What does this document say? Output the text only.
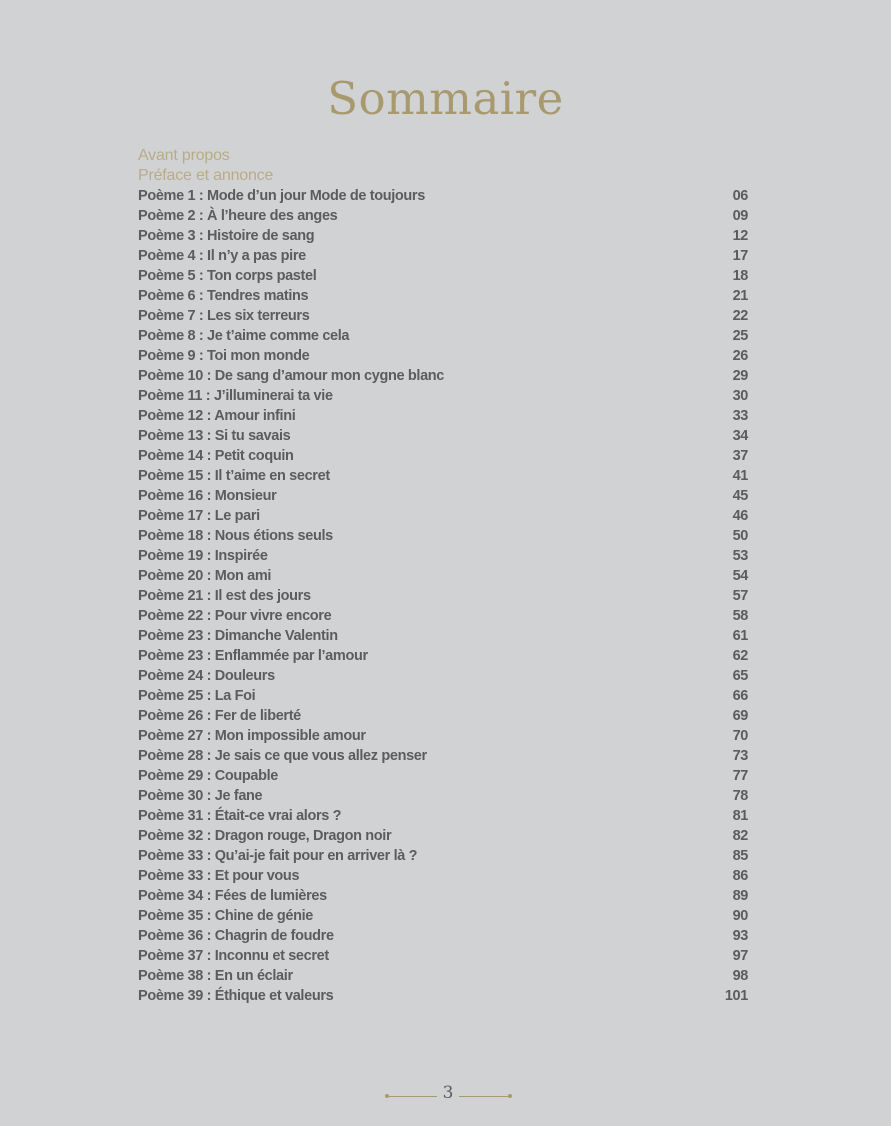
Sommaire
Avant propos
Préface et annonce
Poème 1 : Mode d’un jour Mode de toujours	06
Poème 2 : À l’heure des anges	09
Poème 3 : Histoire de sang	12
Poème 4 : Il n’y a pas pire	17
Poème 5 : Ton corps pastel	18
Poème 6 : Tendres matins	21
Poème 7 : Les six terreurs	22
Poème 8 : Je t’aime comme cela	25
Poème 9 : Toi mon monde	26
Poème 10 : De sang d’amour mon cygne blanc	29
Poème 11 : J’illuminerai ta vie	30
Poème 12 : Amour infini	33
Poème 13 : Si tu savais	34
Poème 14 : Petit coquin	37
Poème 15 : Il t’aime en secret	41
Poème 16 : Monsieur	45
Poème 17 : Le pari	46
Poème 18 : Nous étions seuls	50
Poème 19 : Inspirée	53
Poème 20 : Mon ami	54
Poème 21 : Il est des jours	57
Poème 22 : Pour vivre encore	58
Poème 23 : Dimanche Valentin	61
Poème 23 : Enflammée par l’amour	62
Poème 24 : Douleurs	65
Poème 25 : La Foi	66
Poème 26 : Fer de liberté	69
Poème 27 : Mon impossible amour	70
Poème 28 : Je sais ce que vous allez penser	73
Poème 29 : Coupable	77
Poème 30 : Je fane	78
Poème 31 : Était-ce vrai alors ?	81
Poème 32 : Dragon rouge, Dragon noir	82
Poème 33 : Qu’ai-je fait pour en arriver là ?	85
Poème 33 : Et pour vous	86
Poème 34 : Fées de lumières	89
Poème 35 : Chine de génie	90
Poème 36 : Chagrin de foudre	93
Poème 37 : Inconnu et secret	97
Poème 38 : En un éclair	98
Poème 39 : Éthique et valeurs	101
3
